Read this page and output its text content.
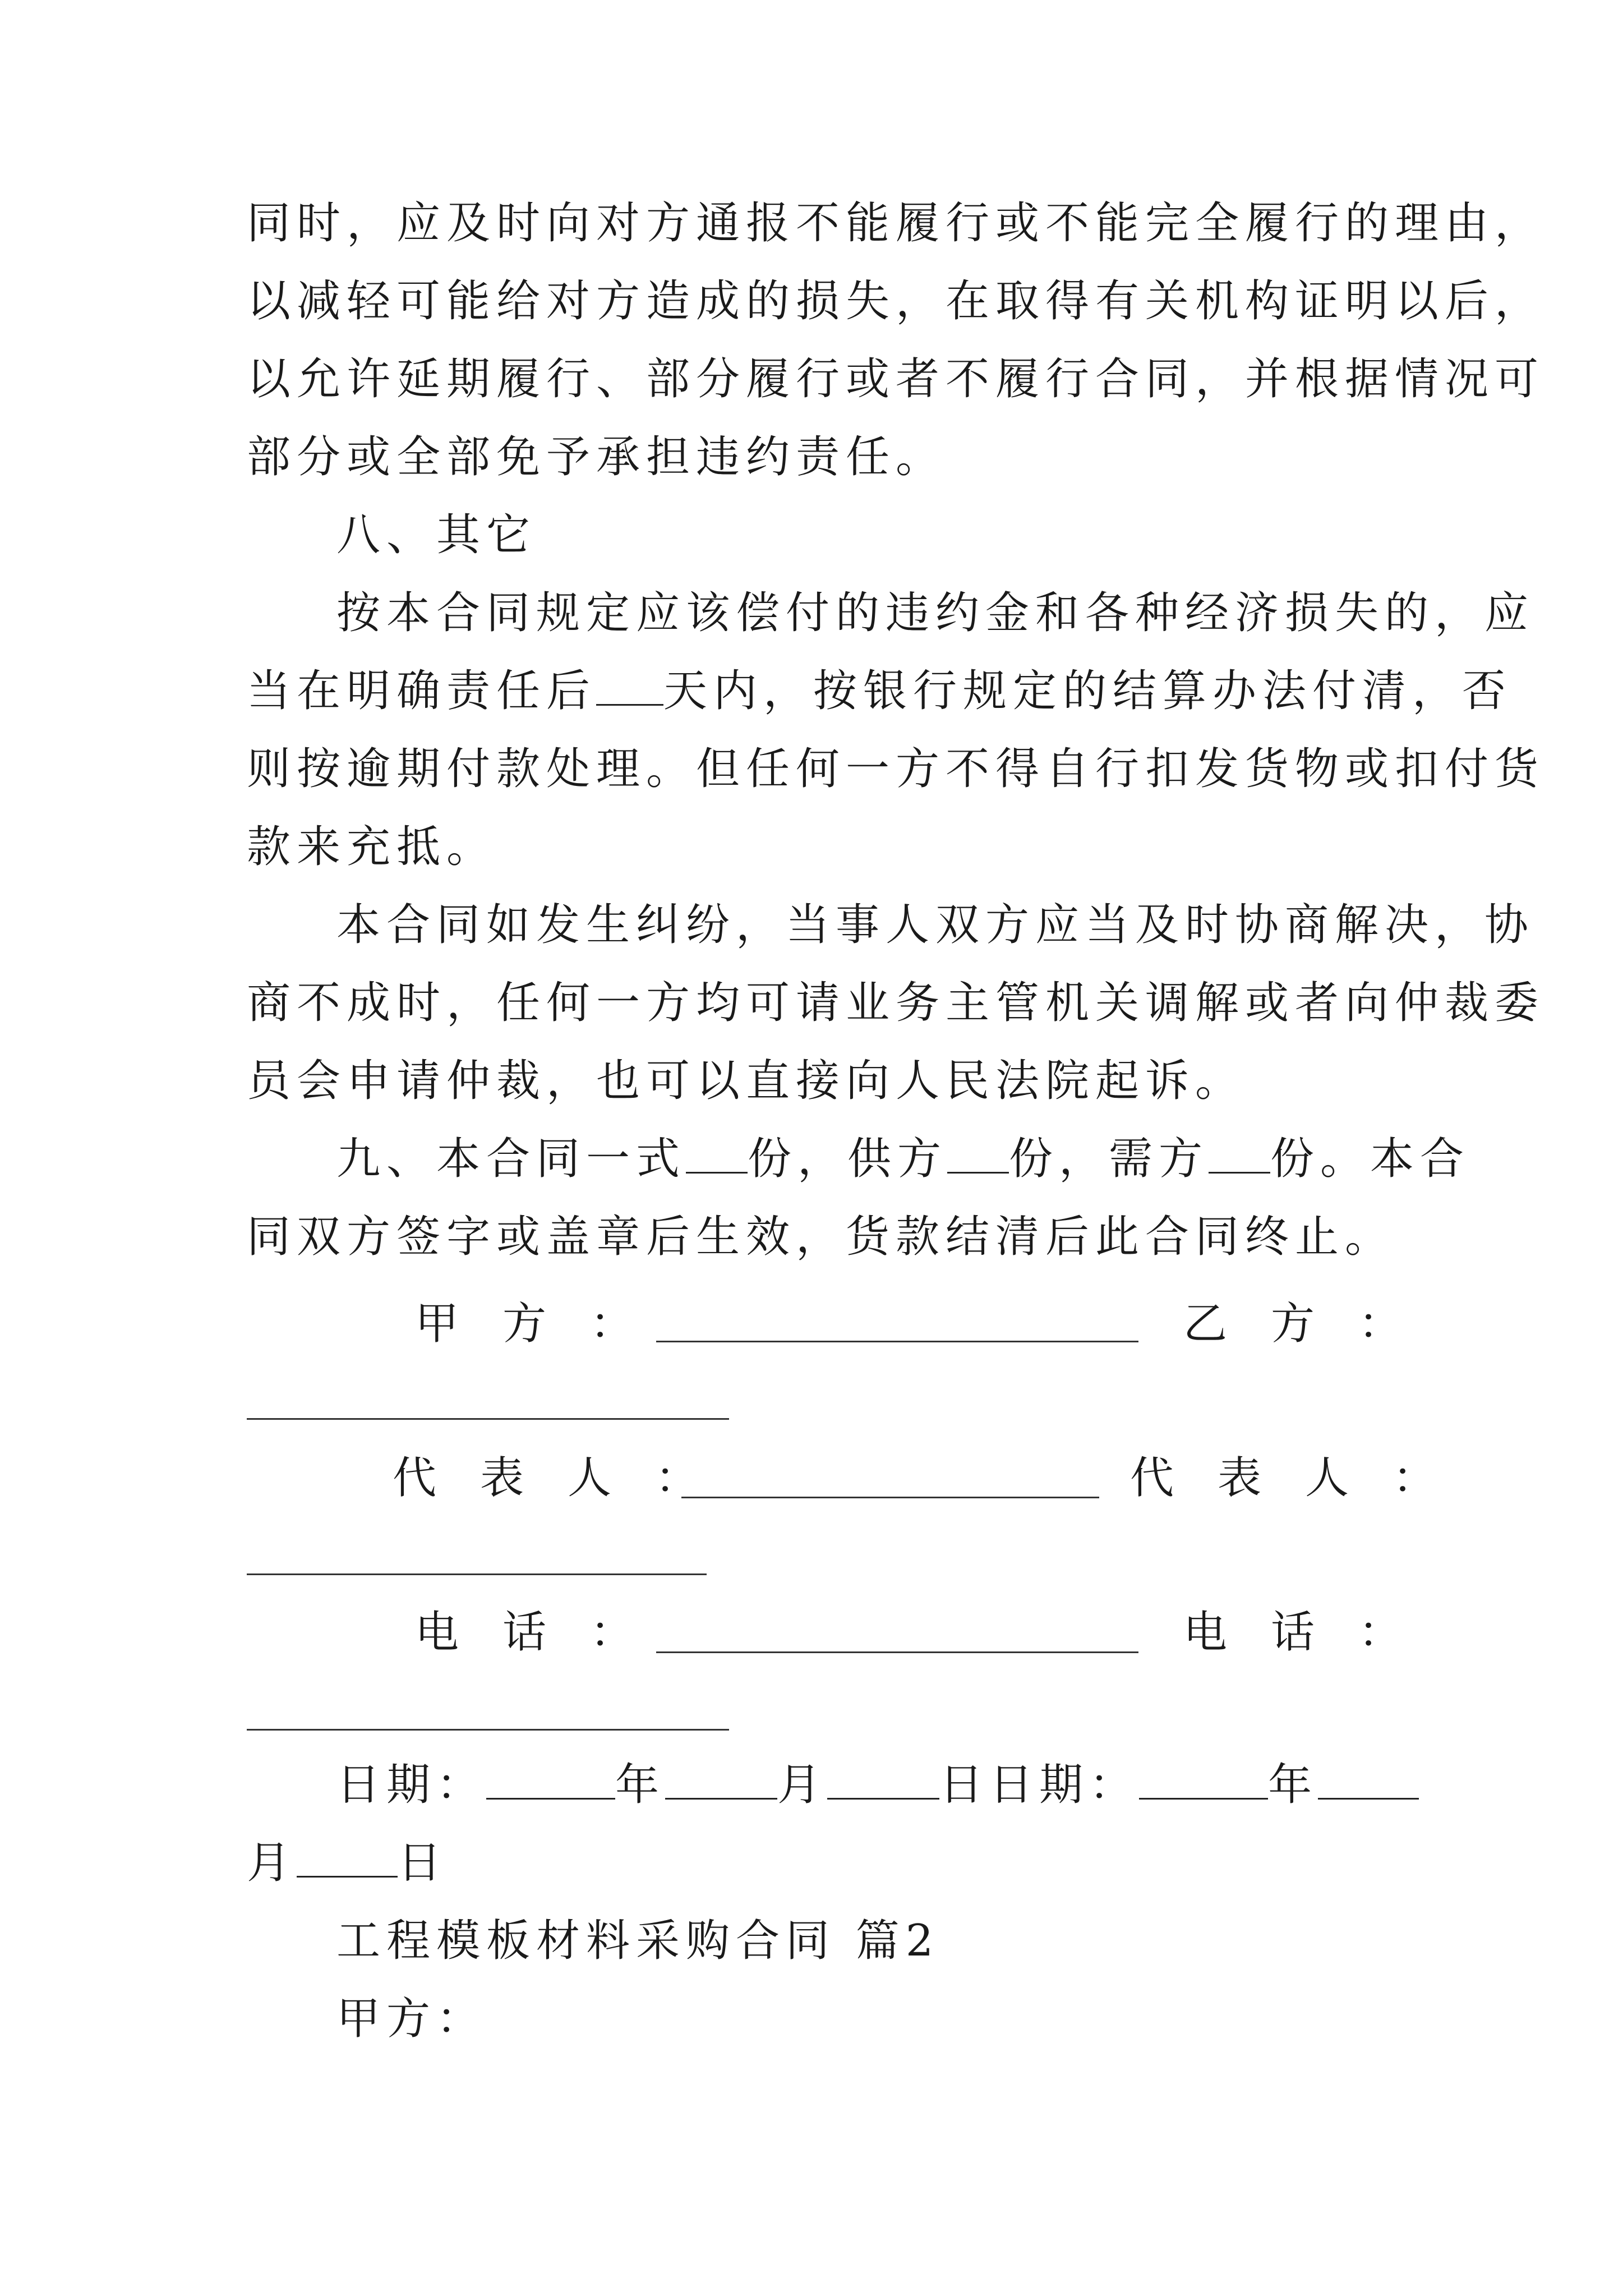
同时，应及时向对方通报不能履行或不能完全履行的理由，
以减轻可能给对方造成的损失，在取得有关机构证明以后，
以允许延期履行、部分履行或者不履行合同，并根据情况可
部分或全部免予承担违约责任。
八、其它
按本合同规定应该偿付的违约金和各种经济损失的，应
当在明确责任后 天内，按银行规定的结算办法付清，否
则按逾期付款处理。但任何一方不得自行扣发货物或扣付货
款来充抵。
本合同如发生纠纷，当事人双方应当及时协商解决，协
商不成时，任何一方均可请业务主管机关调解或者向仲裁委
员会申请仲裁，也可以直接向人民法院起诉。
九、本合同一式 份，供方 份，需方 份。本合
同双方签字或盖章后生效，货款结清后此合同终止。
甲　方　：	乙　方　：
代　表　人　：	代　表　人　：
电　话　：	电　话　：
日期：	年	月	日日期：	年
月 日
工程模板材料采购合同 篇2
甲方：
